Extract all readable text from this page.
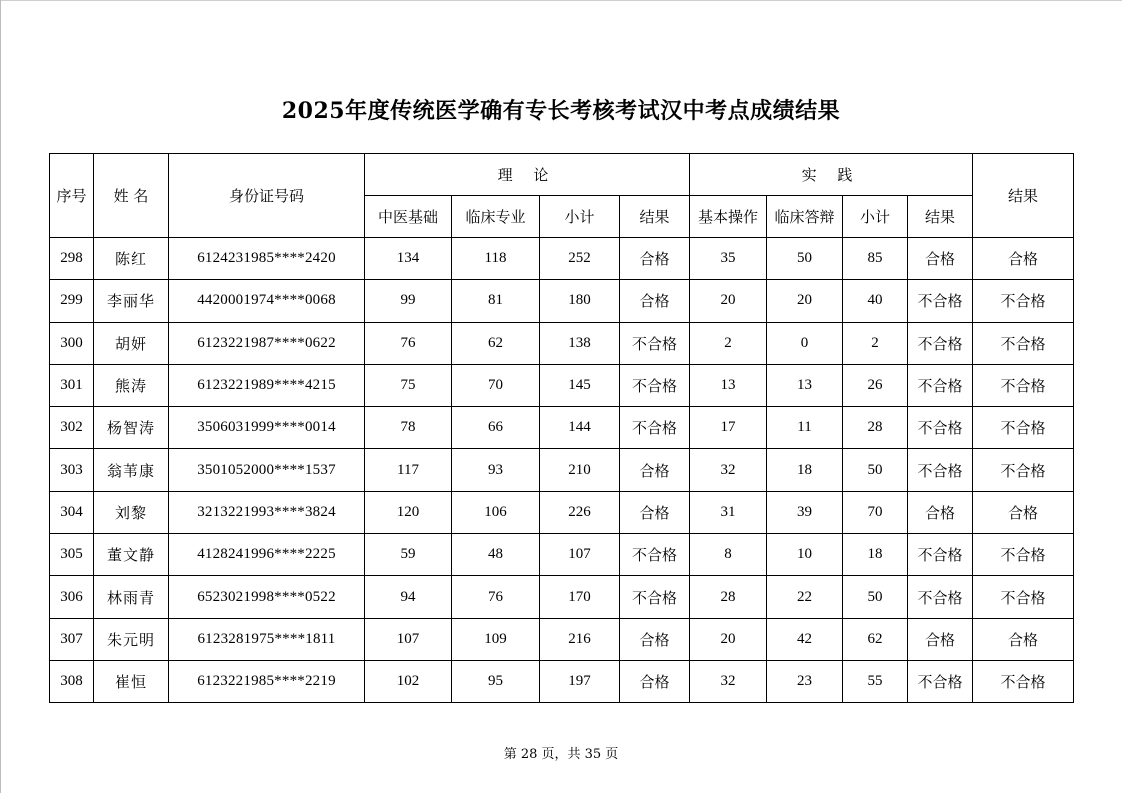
2025年度传统医学确有专长考核考试汉中考点成绩结果
序号	姓 名	身份证号码	理 论				实 践				结果
			中医基础	临床专业	小计	结果	基本操作	临床答辩	小计	结果	
298	陈红	6124231985****2420	134	118	252	合格	35	50	85	合格	合格
299	李丽华	4420001974****0068	99	81	180	合格	20	20	40	不合格	不合格
300	胡妍	6123221987****0622	76	62	138	不合格	2	0	2	不合格	不合格
301	熊涛	6123221989****4215	75	70	145	不合格	13	13	26	不合格	不合格
302	杨智涛	3506031999****0014	78	66	144	不合格	17	11	28	不合格	不合格
303	翁苇康	3501052000****1537	117	93	210	合格	32	18	50	不合格	不合格
304	刘黎	3213221993****3824	120	106	226	合格	31	39	70	合格	合格
305	董文静	4128241996****2225	59	48	107	不合格	8	10	18	不合格	不合格
306	林雨青	6523021998****0522	94	76	170	不合格	28	22	50	不合格	不合格
307	朱元明	6123281975****1811	107	109	216	合格	20	42	62	合格	合格
308	崔恒	6123221985****2219	102	95	197	合格	32	23	55	不合格	不合格
第 28 页，共 35 页
